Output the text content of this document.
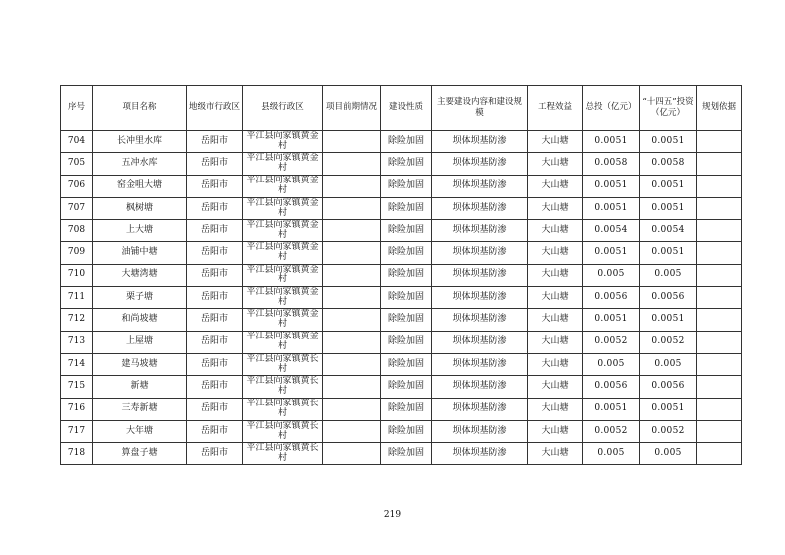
序号	项目名称	地级市行政区	县级行政区	项目前期情况	建设性质	主要建设内容和建设规模	工程效益	总投（亿元）	“十四五”投资（亿元）	规划依据
704	长冲里水库	岳阳市	平江县向家镇黄金村		除险加固	坝体坝基防渗	大山塘	0.0051	0.0051	
705	五冲水库	岳阳市	平江县向家镇黄金村		除险加固	坝体坝基防渗	大山塘	0.0058	0.0058	
706	窑金咀大塘	岳阳市	平江县向家镇黄金村		除险加固	坝体坝基防渗	大山塘	0.0051	0.0051	
707	枫树塘	岳阳市	平江县向家镇黄金村		除险加固	坝体坝基防渗	大山塘	0.0051	0.0051	
708	上大塘	岳阳市	平江县向家镇黄金村		除险加固	坝体坝基防渗	大山塘	0.0054	0.0054	
709	油铺中塘	岳阳市	平江县向家镇黄金村		除险加固	坝体坝基防渗	大山塘	0.0051	0.0051	
710	大塘湾塘	岳阳市	平江县向家镇黄金村		除险加固	坝体坝基防渗	大山塘	0.005	0.005	
711	栗子塘	岳阳市	平江县向家镇黄金村		除险加固	坝体坝基防渗	大山塘	0.0056	0.0056	
712	和尚坡塘	岳阳市	平江县向家镇黄金村		除险加固	坝体坝基防渗	大山塘	0.0051	0.0051	
713	上屋塘	岳阳市	平江县向家镇黄金村		除险加固	坝体坝基防渗	大山塘	0.0052	0.0052	
714	建马坡塘	岳阳市	平江县向家镇黄长村		除险加固	坝体坝基防渗	大山塘	0.005	0.005	
715	新塘	岳阳市	平江县向家镇黄长村		除险加固	坝体坝基防渗	大山塘	0.0056	0.0056	
716	三寿新塘	岳阳市	平江县向家镇黄长村		除险加固	坝体坝基防渗	大山塘	0.0051	0.0051	
717	大年塘	岳阳市	平江县向家镇黄长村		除险加固	坝体坝基防渗	大山塘	0.0052	0.0052	
718	算盘子塘	岳阳市	平江县向家镇黄长村		除险加固	坝体坝基防渗	大山塘	0.005	0.005	
219
